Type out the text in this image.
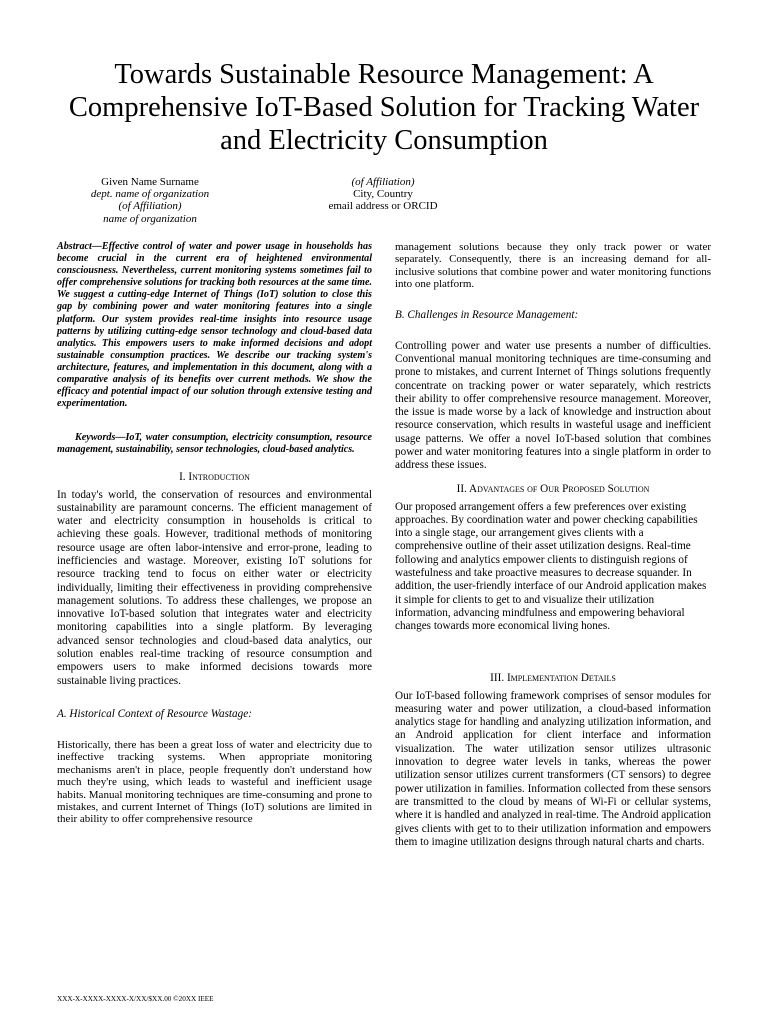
Towards Sustainable Resource Management: A Comprehensive IoT-Based Solution for Tracking Water and Electricity Consumption
Given Name Surname
dept. name of organization
(of Affiliation)
name of organization
(of Affiliation)
City, Country
email address or ORCID

Abstract—Effective control of water and power usage in households has become crucial in the current era of heightened environmental consciousness. Nevertheless, current monitoring systems sometimes fail to offer comprehensive solutions for tracking both resources at the same time. We suggest a cutting-edge Internet of Things (IoT) solution to close this gap by combining power and water monitoring features into a single platform. Our system provides real-time insights into resource usage patterns by utilizing cutting-edge sensor technology and cloud-based data analytics. This empowers users to make informed decisions and adopt sustainable consumption practices. We describe our tracking system's architecture, features, and implementation in this document, along with a comparative analysis of its benefits over current methods. We show the efficacy and potential impact of our solution through extensive testing and experimentation.

Keywords—IoT, water consumption, electricity consumption, resource management, sustainability, sensor technologies, cloud-based analytics.

I. Introduction

In today's world, the conservation of resources and environmental sustainability are paramount concerns. The efficient management of water and electricity consumption in households is critical to achieving these goals. However, traditional methods of monitoring resource usage are often labor-intensive and error-prone, leading to inefficiencies and wastage. Moreover, existing IoT solutions for resource tracking tend to focus on either water or electricity individually, limiting their effectiveness in providing comprehensive management solutions. To address these challenges, we propose an innovative IoT-based solution that integrates water and electricity monitoring capabilities into a single platform. By leveraging advanced sensor technologies and cloud-based data analytics, our solution enables real-time tracking of resource consumption and empowers users to make informed decisions towards more sustainable living practices.

A. Historical Context of Resource Wastage:

Historically, there has been a great loss of water and electricity due to ineffective tracking systems. When appropriate monitoring mechanisms aren't in place, people frequently don't understand how much they're using, which leads to wasteful and inefficient usage habits. Manual monitoring techniques are time-consuming and prone to mistakes, and current Internet of Things (IoT) solutions are limited in their ability to offer comprehensive resource

management solutions because they only track power or water separately. Consequently, there is an increasing demand for all-inclusive solutions that combine power and water monitoring functions into one platform.

B. Challenges in Resource Management:

Controlling power and water use presents a number of difficulties. Conventional manual monitoring techniques are time-consuming and prone to mistakes, and current Internet of Things solutions frequently concentrate on tracking power or water separately, which restricts their ability to offer comprehensive resource management. Moreover, the issue is made worse by a lack of knowledge and instruction about resource conservation, which results in wasteful usage and inefficient usage patterns. We offer a novel IoT-based solution that combines power and water monitoring features into a single platform in order to address these issues.

II. Advantages of Our Proposed Solution

Our proposed arrangement offers a few preferences over existing approaches. By coordination water and power checking capabilities into a single stage, our arrangement gives clients with a comprehensive outline of their asset utilization designs. Real-time following and analytics empower clients to distinguish regions of wastefulness and take proactive measures to decrease squander. In addition, the user-friendly interface of our Android application makes it simple for clients to get to and visualize their utilization information, advancing mindfulness and empowering behavioral changes towards more economical living hones.

III. Implementation Details

Our IoT-based following framework comprises of sensor modules for measuring water and power utilization, a cloud-based information analytics stage for handling and analyzing utilization information, and an Android application for client interface and information visualization. The water utilization sensor utilizes ultrasonic innovation to degree water levels in tanks, whereas the power utilization sensor utilizes current transformers (CT sensors) to degree power utilization in families. Information collected from these sensors are transmitted to the cloud by means of Wi-Fi or cellular systems, where it is handled and analyzed in real-time. The Android application gives clients with get to to their utilization information and empowers them to imagine utilization designs through natural charts and charts.

XXX-X-XXXX-XXXX-X/XX/$XX.00 ©20XX IEEE
